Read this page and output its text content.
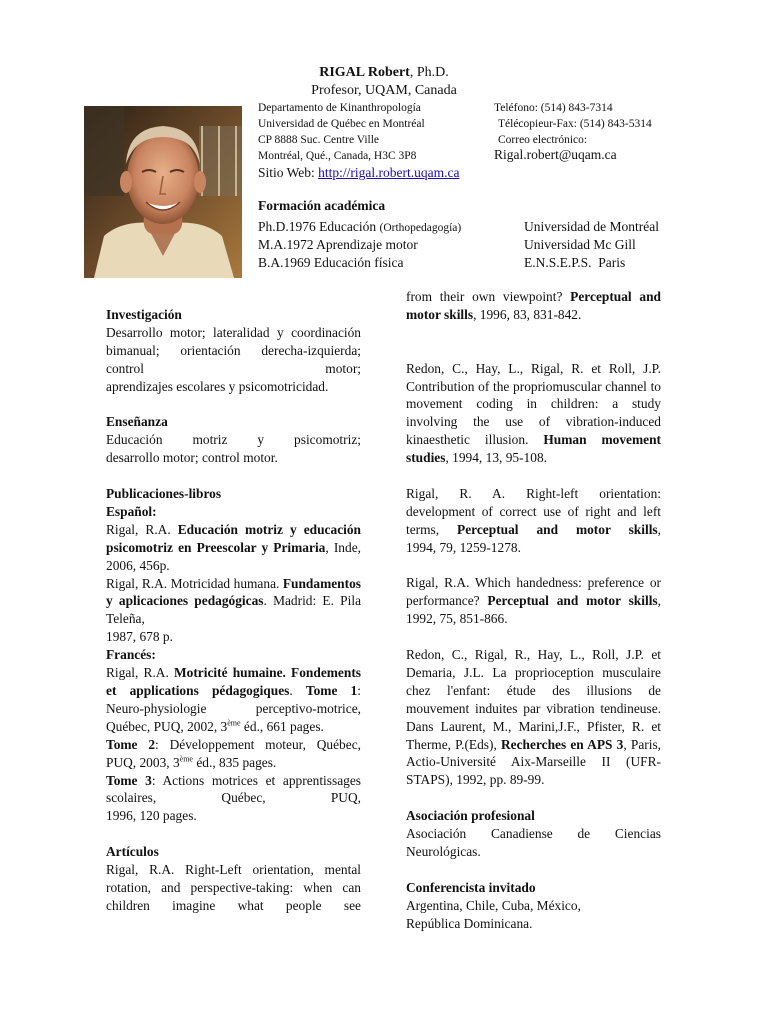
RIGAL Robert, Ph.D.
Profesor, UQAM, Canada
Departamento de Kinanthropología
Universidad de Québec en Montréal
CP 8888 Suc. Centre Ville
Montréal, Qué., Canada, H3C 3P8
Teléfono: (514) 843-7314
Télécopieur-Fax: (514) 843-5314
Correo electrónico:
Rigal.robert@uqam.ca
Sitio Web: http://rigal.robert.uqam.ca
Formación académica
Ph.D.1976 Educación (Orthopedagogía)	Universidad de Montréal
M.A.1972 Aprendizaje motor	Universidad Mc Gill
B.A.1969 Educación física	E.N.S.E.P.S.  Paris

Investigación

Desarrollo motor; lateralidad y coordinación bimanual; orientación derecha-izquierda; control motor;

aprendizajes escolares y psicomotricidad.

Enseñanza

Educación motriz y psicomotriz;

desarrollo motor; control motor.

Publicaciones-libros

Español:

Rigal, R.A. Educación motriz y educación psicomotriz en Preescolar y Primaria, Inde, 2006, 456p.

Rigal, R.A. Motricidad humana. Fundamentos y aplicaciones pedagógicas. Madrid: E. Pila Teleña,

1987, 678 p.

Francés:

Rigal, R.A. Motricité humaine. Fondements et applications pédagogiques. Tome 1: Neuro-physiologie perceptivo-motrice, Québec, PUQ, 2002, 3ème éd., 661 pages.

Tome 2: Développement moteur, Québec, PUQ, 2003, 3ème éd., 835 pages.

Tome 3: Actions motrices et apprentissages scolaires, Québec, PUQ,

1996, 120 pages.

Artículos

Rigal, R.A. Right-Left orientation, mental rotation, and perspective-taking: when can children imagine what people see

from their own viewpoint? Perceptual and motor skills, 1996, 83, 831-842.

Redon, C., Hay, L., Rigal, R. et Roll, J.P. Contribution of the propriomuscular channel to movement coding in children: a study involving the use of vibration-induced kinaesthetic illusion. Human movement studies, 1994, 13, 95-108.

Rigal, R. A. Right-left orientation: development of correct use of right and left terms, Perceptual and motor skills,

1994, 79, 1259-1278.

Rigal, R.A. Which handedness: preference or performance? Perceptual and motor skills, 1992, 75, 851-866.

Redon, C., Rigal, R., Hay, L., Roll, J.P. et Demaria, J.L. La proprioception musculaire chez l'enfant: étude des illusions de mouvement induites par vibration tendineuse. Dans Laurent, M., Marini,J.F., Pfister, R. et Therme, P.(Eds), Recherches en APS 3, Paris, Actio-Université Aix-Marseille II (UFR-

STAPS), 1992, pp. 89-99.

Asociación profesional

Asociación Canadiense de Ciencias

Neurológicas.

Conferencista invitado

Argentina, Chile, Cuba, México,

República Dominicana.
